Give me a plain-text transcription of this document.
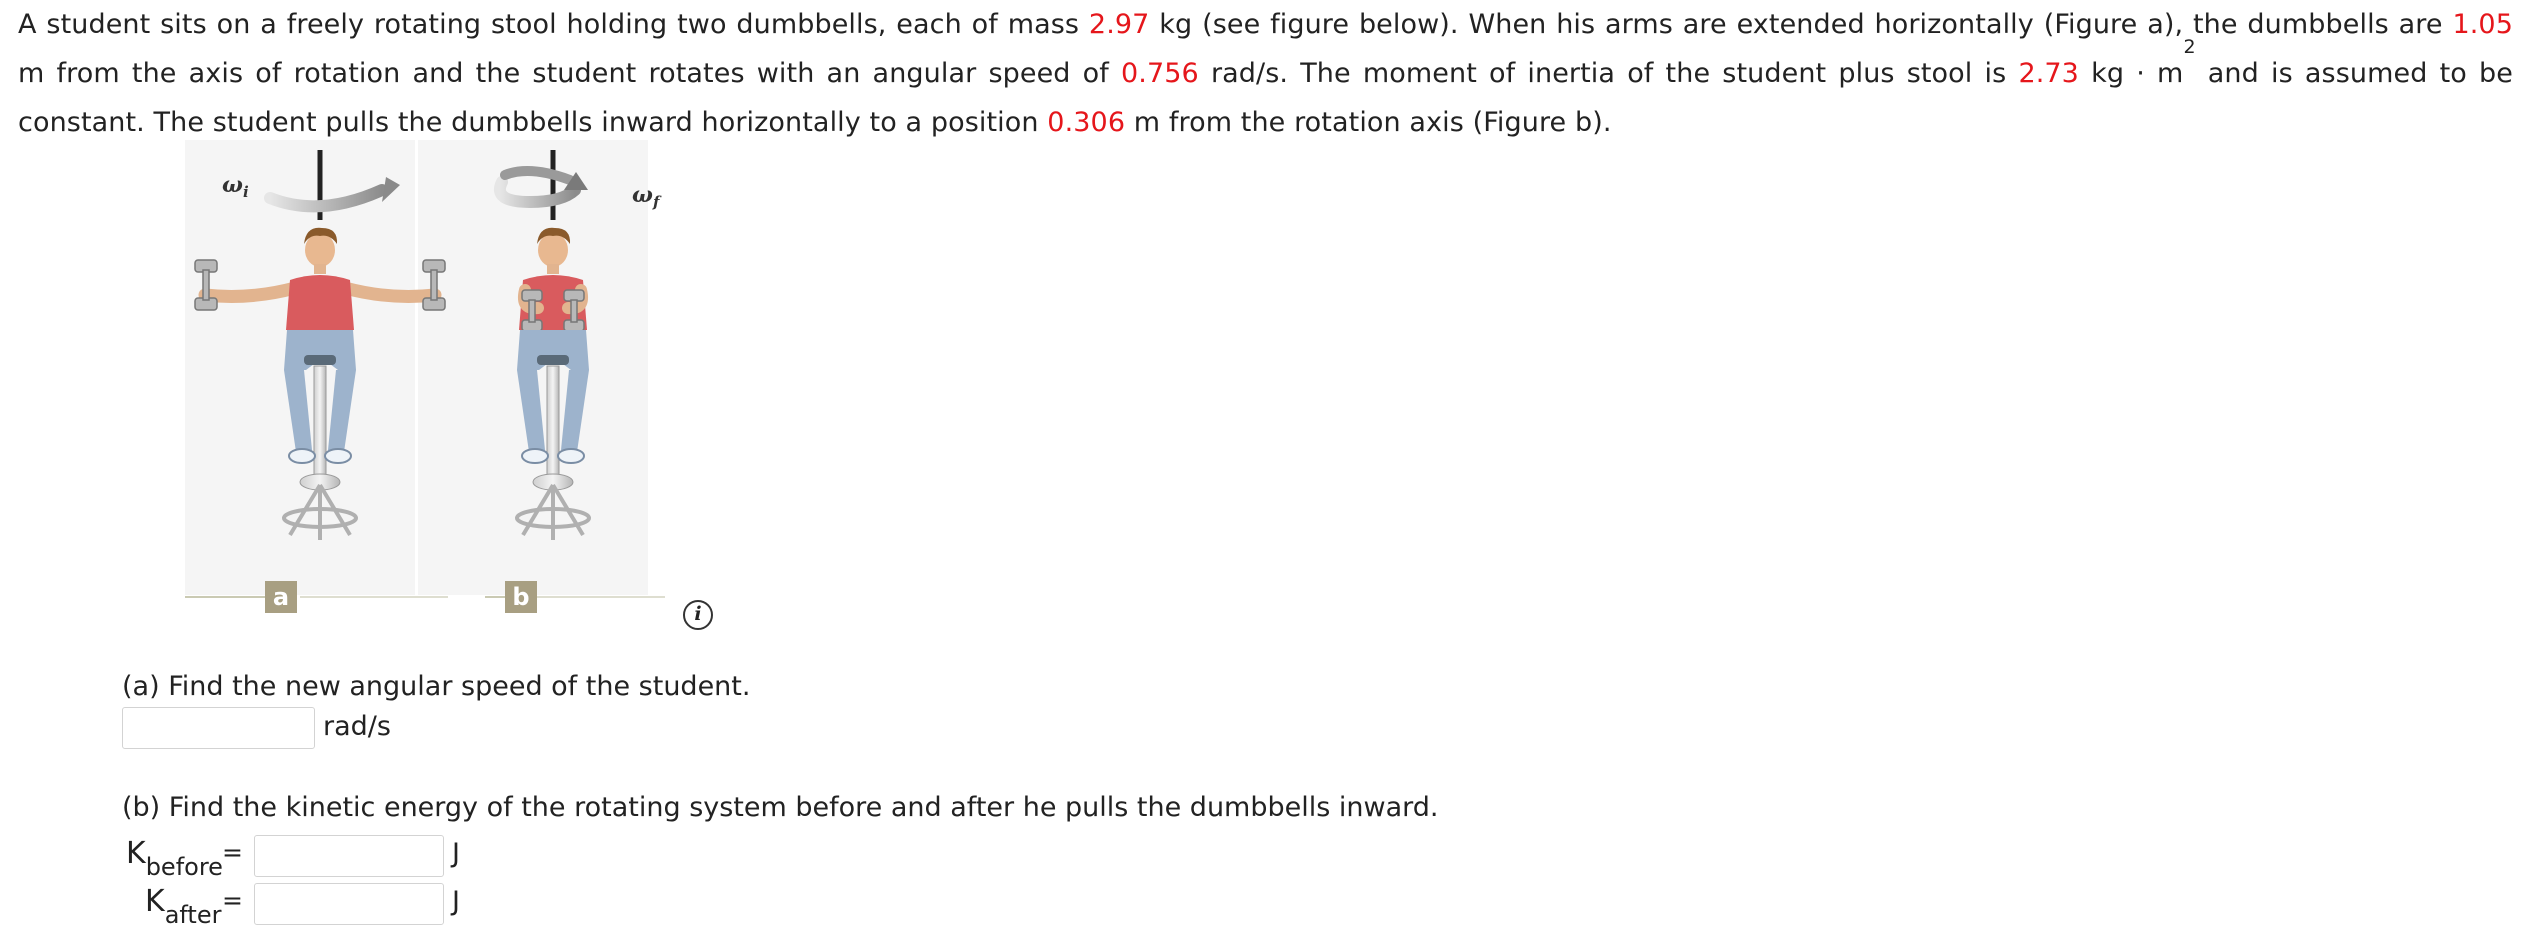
A student sits on a freely rotating stool holding two dumbbells, each of mass 2.97 kg (see figure below). When his arms are extended horizontally (Figure a), the dumbbells are 1.05 m from the axis of rotation and the student rotates with an angular speed of 0.756 rad/s. The moment of inertia of the student plus stool is 2.73 kg · $m^2$ and is assumed to be constant. The student pulls the dumbbells inward horizontally to a position 0.306 m from the rotation axis (Figure b).
$\omega_i$
a
$\omega_f$
b
i
(a) Find the new angular speed of the student.
rad/s
(b) Find the kinetic energy of the rotating system before and after he pulls the dumbbells inward.
$K_{before}$ =	J
$K_{after}$ =	J
